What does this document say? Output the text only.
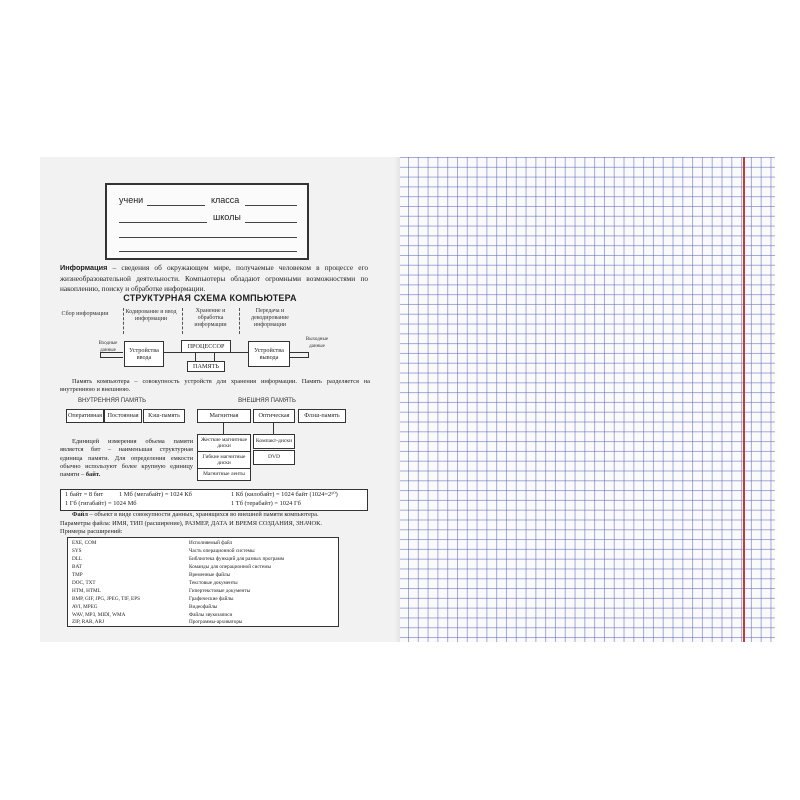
учени	класса
школы
Информация – сведения об окружающем мире, получаемые человеком в процессе его жизнеобразовательной деятельности. Компьютеры обладают огромными возможностями по накоплению, поиску и обработке информации.
СТРУКТУРНАЯ СХЕМА КОМПЬЮТЕРА
Сбор информации	Кодирование и ввод информации
Хранение и обработка информации
Передача и декодирование информации
Входные данные	Устройства ввода
ПРОЦЕССОР
ПАМЯТЬ
Устройства вывода
Выходные данные
Память компьютера – совокупность устройств для хранения информации. Память разделяется на внутреннюю и внешнюю.
ВНУТРЕННЯЯ ПАМЯТЬ	ВНЕШНЯЯ ПАМЯТЬ
Оперативная Постоянная	Кэш-память	Магнитная	Оптическая	Флэш-память
Жесткие магнитные диски
Гибкие магнитные диски
Магнитные ленты
Компакт-диски
DVD
Единицей измерения объема памяти является бит – наименьшая структурная единица памяти. Для определения емкости обычно используют более крупную единицу памяти – байт.
1 байт = 8 бит 1 Мб (мегабайт) = 1024 Кб	1 Кб (килобайт) = 1024 байт (1024=2¹⁰)
1 Гб (гигабайт) = 1024 Мб	1 Тб (терабайт) = 1024 Гб
Файл – объект в виде совокупности данных, хранящихся во внешней памяти компьютера.
Параметры файла: ИМЯ, ТИП (расширение), РАЗМЕР, ДАТА И ВРЕМЯ СОЗДАНИЯ, ЗНАЧОК.
Примеры расширений:
EXE, COM	Исполняемый файл
SYS	Часть операционной системы
DLL	Библиотека функций для разных программ
BAT	Команды для операционной системы
TMP	Временные файлы
DOC, TXT	Текстовые документы
HTM, HTML	Гипертекстовые документы
BMP, GIF, JPG, JPEG, TIF, EPS	Графические файлы
AVI, MPEG	Видеофайлы
WAV, MP3, MIDI, WMA	Файлы звукозаписи
ZIP, RAR, ARJ	Программы-архиваторы
